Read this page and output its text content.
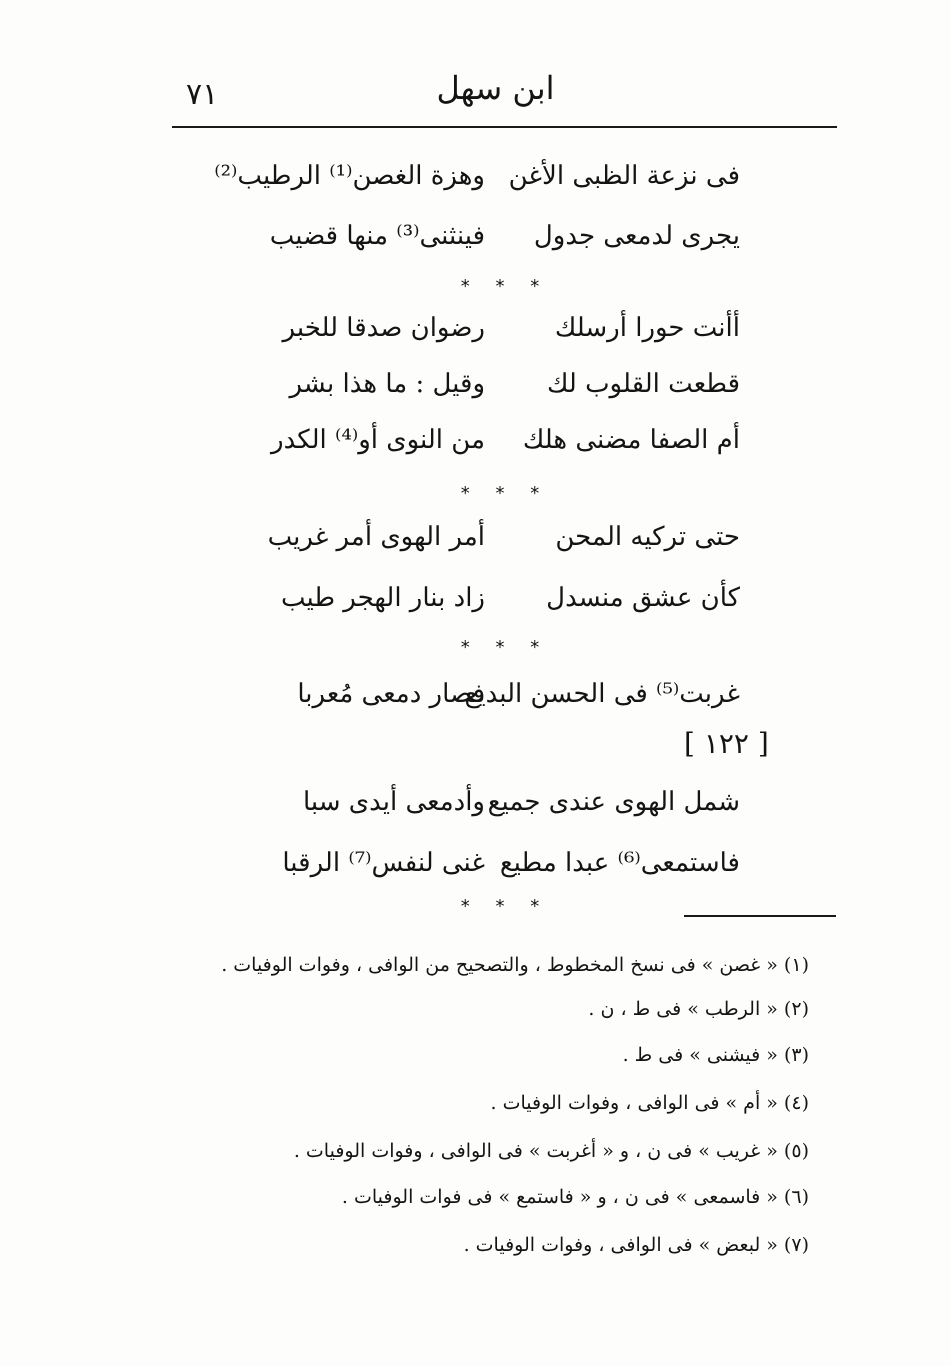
٧١	ابن سهل
فى نزعة الظبى الأغن
وهزة الغصن⁽¹⁾ الرطيب⁽²⁾
يجرى لدمعى جدول
فينثنى⁽³⁾ منها قضيب
* * *
أأنت حورا أرسلك
رضوان صدقا للخبر
قطعت القلوب لك
وقيل : ما هذا بشر
أم الصفا مضنى هلك
من النوى أو⁽⁴⁾ الكدر
* * *
حتى تركيه المحن
أمر الهوى أمر غريب
كأن عشق منسدل
زاد بنار الهجر طيب
* * *
غربت⁽⁵⁾ فى الحسن البديع
فصار دمعى مُعربا
[ ١٢٢ ]
شمل الهوى عندى جميع
وأدمعى أيدى سبا
فاستمعى⁽⁶⁾ عبدا مطيع
غنى لنفس⁽⁷⁾ الرقبا
* * *
(١) « غصن » فى نسخ المخطوط ، والتصحيح من الوافى ، وفوات الوفيات .
(٢) « الرطب » فى ط ، ن .
(٣) « فيشنى » فى ط .
(٤) « أم » فى الوافى ، وفوات الوفيات .
(٥) « غريب » فى ن ، و « أغربت » فى الوافى ، وفوات الوفيات .
(٦) « فاسمعى » فى ن ، و « فاستمع » فى فوات الوفيات .
(٧) « لبعض » فى الوافى ، وفوات الوفيات .
